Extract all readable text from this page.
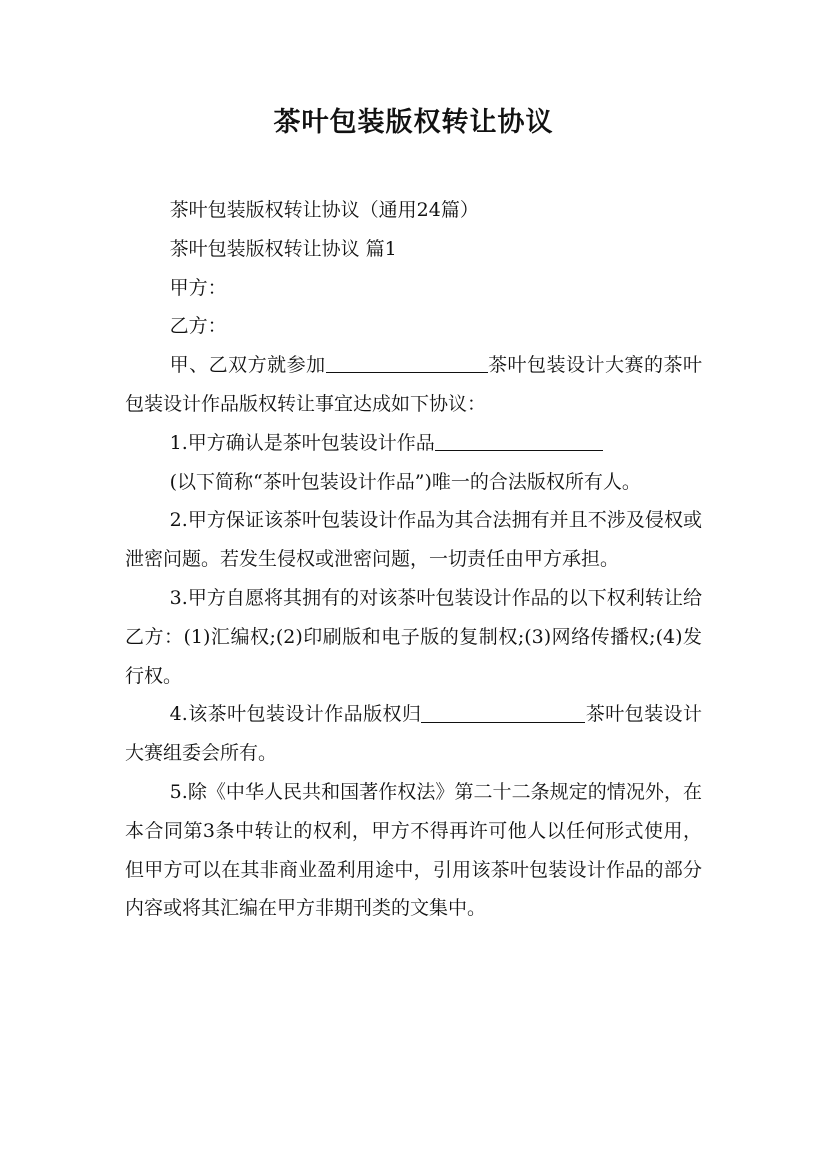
茶叶包装版权转让协议

茶叶包装版权转让协议（通用24篇）

茶叶包装版权转让协议 篇1

甲方：

乙方：

甲、乙双方就参加	茶叶包装设计大赛的茶叶包装设计作品版权转让事宜达成如下协议：

1.甲方确认是茶叶包装设计作品

(以下简称“茶叶包装设计作品”)唯一的合法版权所有人。

2.甲方保证该茶叶包装设计作品为其合法拥有并且不涉及侵权或泄密问题。若发生侵权或泄密问题，一切责任由甲方承担。

3.甲方自愿将其拥有的对该茶叶包装设计作品的以下权利转让给乙方：(1)汇编权;(2)印刷版和电子版的复制权;(3)网络传播权;(4)发行权。

4.该茶叶包装设计作品版权归	茶叶包装设计大赛组委会所有。

5.除《中华人民共和国著作权法》第二十二条规定的情况外，在本合同第3条中转让的权利，甲方不得再许可他人以任何形式使用，但甲方可以在其非商业盈利用途中，引用该茶叶包装设计作品的部分内容或将其汇编在甲方非期刊类的文集中。
